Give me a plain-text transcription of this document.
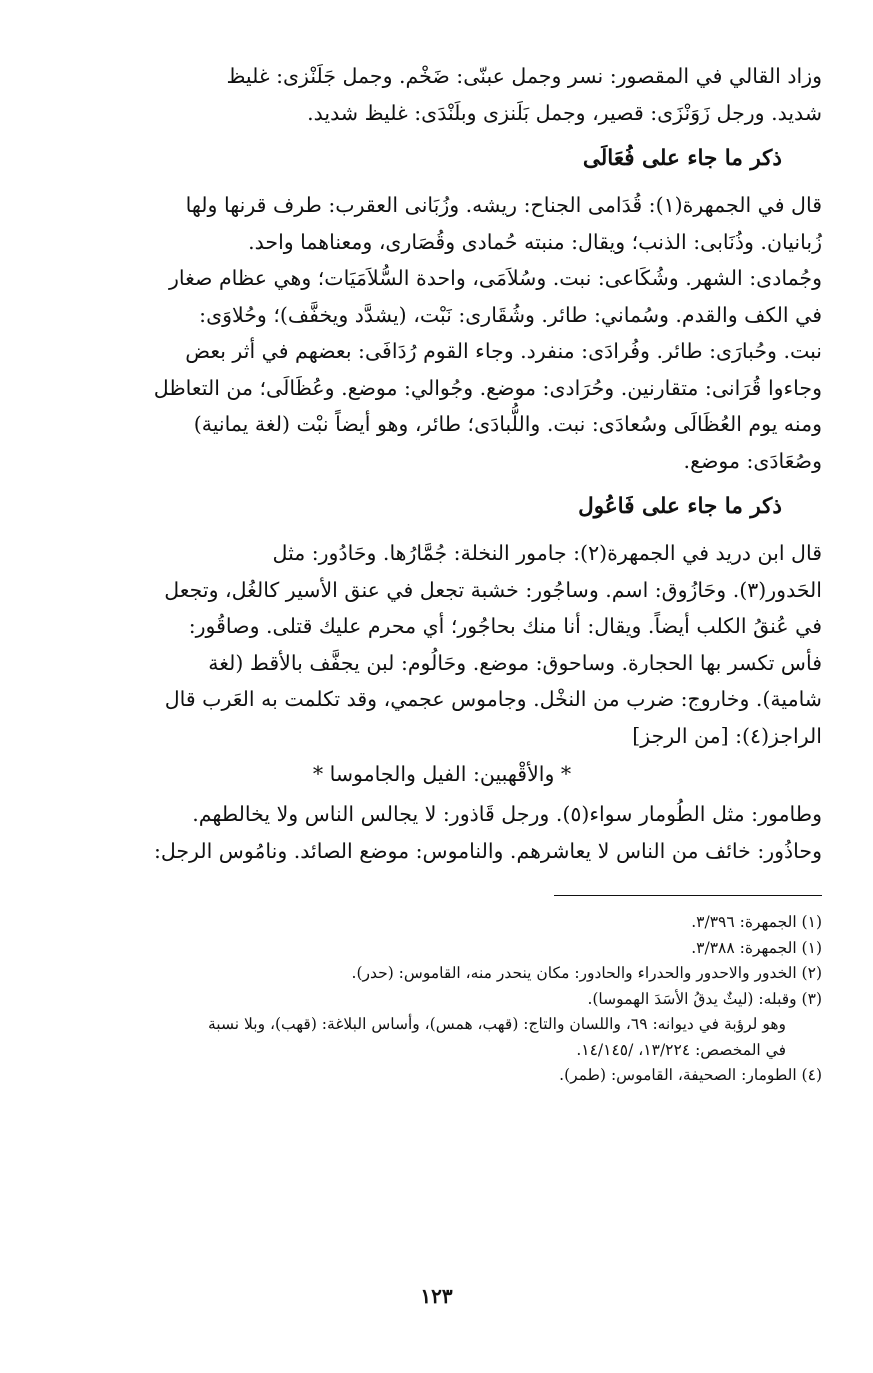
وزاد القالي في المقصور: نسر وجمل عبنّى: ضَخْم. وجمل جَلَنْزى: غليظ

شديد. ورجل زَوَنْزَى: قصير، وجمل بَلَنزى وبلَنْدَى: غليظ شديد.

ذكر ما جاء على فُعَالَى

قال في الجمهرة(١): قُدَامى الجناح: ريشه. وزُبَانى العقرب: طرف قرنها ولها

زُبانيان. وذُنَابى: الذنب؛ ويقال: منبته حُمادى وقُصَارى، ومعناهما واحد.

وجُمادى: الشهر. وشُكَاعى: نبت. وسُلاَمَى، واحدة السُّلاَمَيَات؛ وهي عظام صغار

في الكف والقدم. وسُماني: طائر. وشُقَارى: نَبْت، (يشدَّد ويخفَّف)؛ وحُلاوَى:

نبت. وحُبارَى: طائر. وفُرادَى: منفرد. وجاء القوم رُدَافَى: بعضهم في أثر بعض

وجاءوا قُرَانى: متقارنين. وحُرَادى: موضع. وجُوالي: موضع. وعُظَالَى؛ من التعاظل

ومنه يوم العُظَالَى وسُعادَى: نبت. واللُّبادَى؛ طائر، وهو أيضاً نبْت (لغة يمانية)

وصُعَادَى: موضع.

ذكر ما جاء على فَاعُول

قال ابن دريد في الجمهرة(٢): جامور النخلة: جُمَّارُها. وحَادُور: مثل

الحَدور(٣). وحَازُوق: اسم. وساجُور: خشبة تجعل في عنق الأسير كالغُل، وتجعل

في عُنقُ الكلب أيضاً. ويقال: أنا منك بحاجُور؛ أي محرم عليك قتلى. وصاقُور:

فأس تكسر بها الحجارة. وساحوق: موضع. وحَالُوم: لبن يجفَّف بالأقط (لغة

شامية). وخاروج: ضرب من النخْل. وجاموس عجمي، وقد تكلمت به العَرب قال

الراجز(٤): [من الرجز]

* والأقْهبين: الفيل والجاموسا *

وطامور: مثل الطُومار سواء(٥). ورجل قَاذور: لا يجالس الناس ولا يخالطهم.

وحاذُور: خائف من الناس لا يعاشرهم. والناموس: موضع الصائد. ونامُوس الرجل:

(١) الجمهرة: ٣/٣٩٦.

(١) الجمهرة: ٣/٣٨٨.

(٢) الخدور والاحدور والحدراء والحادور: مكان ينحدر منه، القاموس: (حدر).

(٣) وقبله: (ليثٌ يدقُ الأسَدَ الهموسا).

وهو لرؤبة في ديوانه: ٦٩، واللسان والتاج: (قهب، همس)، وأساس البلاغة: (قهب)، وبلا نسبة

في المخصص: ١٣/٢٢٤، /١٤/١٤٥.

(٤) الطومار: الصحيفة، القاموس: (طمر).

١٢٣
